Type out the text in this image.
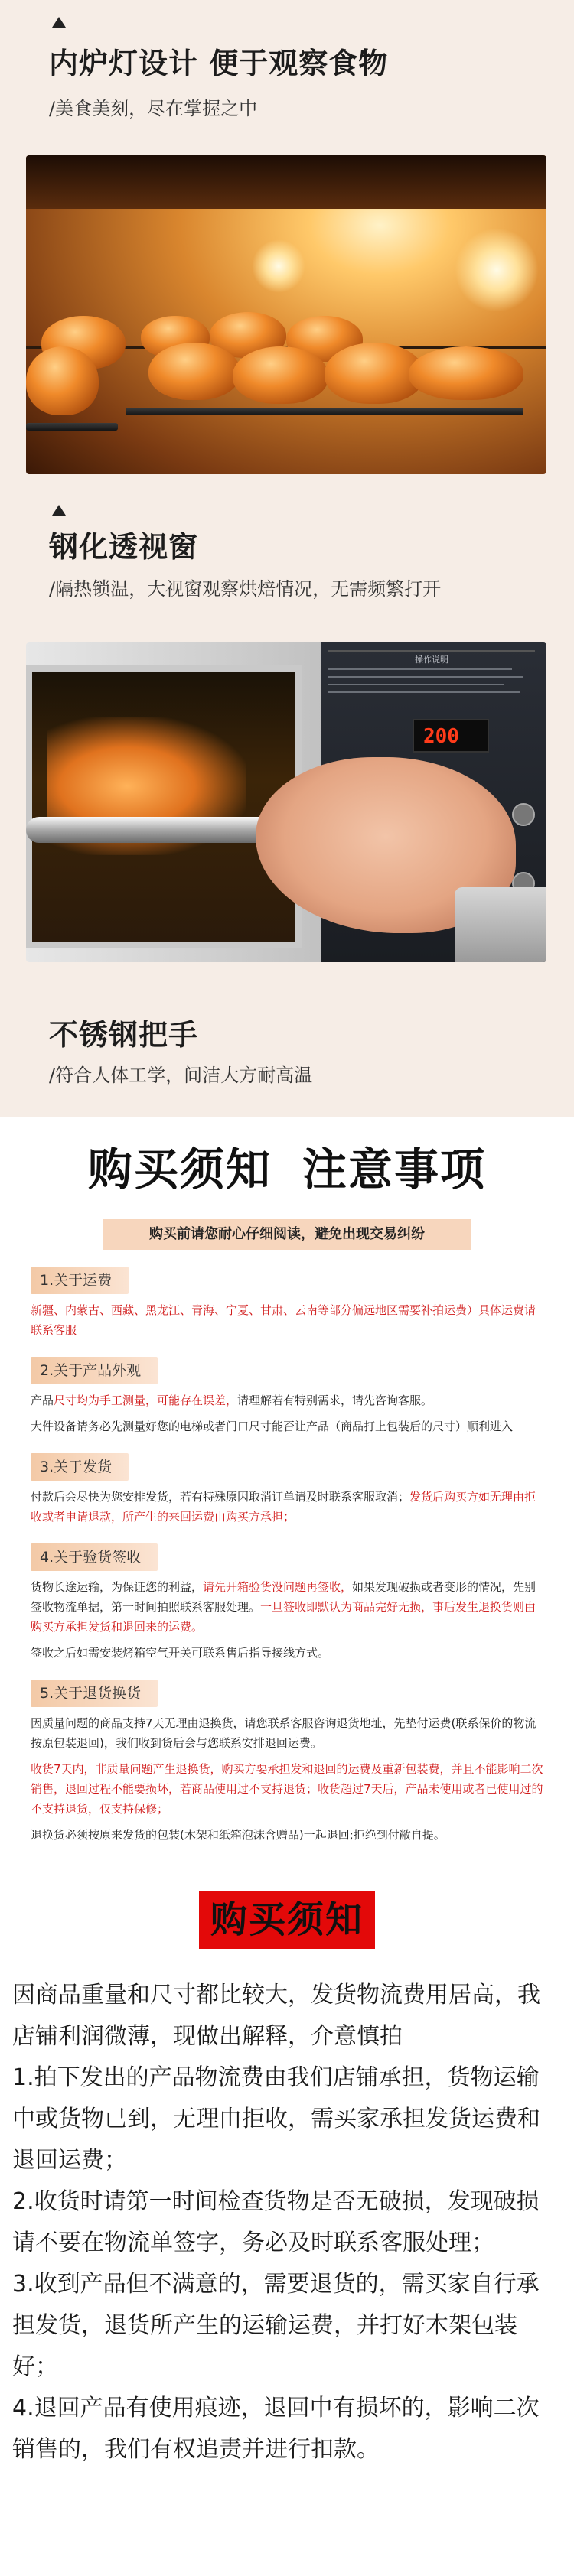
内炉灯设计 便于观察食物
/美食美刻，尽在掌握之中
钢化透视窗
/隔热锁温，大视窗观察烘焙情况，无需频繁打开
操作说明
200
不锈钢把手
/符合人体工学，间洁大方耐高温
购买须知 注意事项
购买前请您耐心仔细阅读，避免出现交易纠纷
1.关于运费

新疆、内蒙古、西藏、黑龙江、青海、宁夏、甘肃、云南等部分偏远地区需要补拍运费）具体运费请联系客服

2.关于产品外观

产品尺寸均为手工测量，可能存在误差，请理解若有特别需求，请先咨询客服。

大件设备请务必先测量好您的电梯或者门口尺寸能否让产品（商品打上包装后的尺寸）顺利进入

3.关于发货

付款后会尽快为您安排发货，若有特殊原因取消订单请及时联系客服取消；发货后购买方如无理由拒收或者申请退款，所产生的来回运费由购买方承担；

4.关于验货签收

货物长途运输，为保证您的利益，请先开箱验货没问题再签收，如果发现破损或者变形的情况，先别签收物流单据，第一时间拍照联系客服处理。一旦签收即默认为商品完好无损，事后发生退换货则由购买方承担发货和退回来的运费。

签收之后如需安装烤箱空气开关可联系售后指导接线方式。

5.关于退货换货

因质量问题的商品支持7天无理由退换货，请您联系客服咨询退货地址，先垫付运费(联系保价的物流按原包装退回)，我们收到货后会与您联系安排退回运费。

收货7天内，非质量问题产生退换货，购买方要承担发和退回的运费及重新包装费，并且不能影响二次销售，退回过程不能要损坏，若商品使用过不支持退货；收货超过7天后，产品未使用或者已使用过的不支持退货，仅支持保修；

退换货必须按原来发货的包装(木架和纸箱泡沫含赠品)一起退回;拒绝到付敝自提。

购买须知

因商品重量和尺寸都比较大，发货物流费用居高，我店铺利润微薄，现做出解释，介意慎拍

1.拍下发出的产品物流费由我们店铺承担，货物运输中或货物已到，无理由拒收，需买家承担发货运费和退回运费；

2.收货时请第一时间检查货物是否无破损，发现破损请不要在物流单签字，务必及时联系客服处理；

3.收到产品但不满意的，需要退货的，需买家自行承担发货，退货所产生的运输运费，并打好木架包装好；

4.退回产品有使用痕迹，退回中有损坏的，影响二次销售的，我们有权追责并进行扣款。
